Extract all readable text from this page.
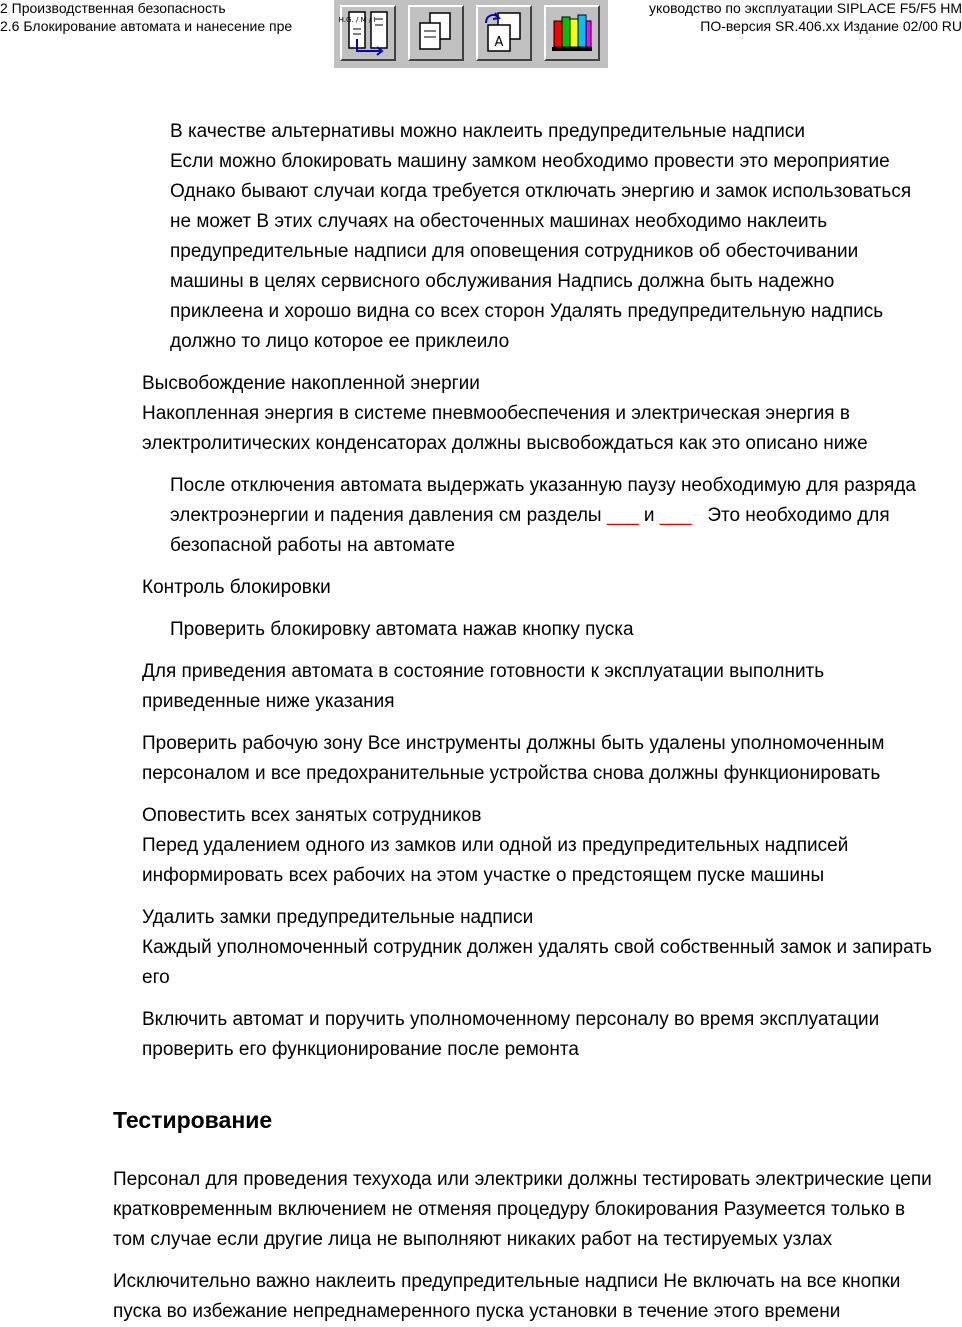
2 Производственная безопасность
2.6 Блокирование автомата и нанесение пре
уководство по эксплуатации SIPLACE F5/F5 HM
ПО-версия SR.406.xx Издание 02/00 RU
H.G. / M / I
A
В качестве альтернативы можно наклеить предупредительные надписи
Если можно блокировать машину замком необходимо провести это мероприятие
Однако бывают случаи когда требуется отключать энергию и замок использоваться
не может В этих случаях на обесточенных машинах необходимо наклеить
предупредительные надписи для оповещения сотрудников об обесточивании
машины в целях сервисного обслуживания Надпись должна быть надежно
приклеена и хорошо видна со всех сторон Удалять предупредительную надпись
должно то лицо которое ее приклеило
Высвобождение накопленной энергии
Накопленная энергия в системе пневмообеспечения и электрическая энергия в
электролитических конденсаторах должны высвобождаться как это описано ниже
После отключения автомата выдержать указанную паузу необходимую для разряда
электроэнергии и падения давления см разделы ___ и ___ Это необходимо для
безопасной работы на автомате
Контроль блокировки
Проверить блокировку автомата нажав кнопку пуска
Для приведения автомата в состояние готовности к эксплуатации выполнить
приведенные ниже указания
Проверить рабочую зону Все инструменты должны быть удалены уполномоченным
персоналом и все предохранительные устройства снова должны функционировать
Оповестить всех занятых сотрудников
Перед удалением одного из замков или одной из предупредительных надписей
информировать всех рабочих на этом участке о предстоящем пуске машины
Удалить замки предупредительные надписи
Каждый уполномоченный сотрудник должен удалять свой собственный замок и запирать
его
Включить автомат и поручить уполномоченному персоналу во время эксплуатации
проверить его функционирование после ремонта
Тестирование
Персонал для проведения техухода или электрики должны тестировать электрические цепи
кратковременным включением не отменяя процедуру блокирования Разумеется только в
том случае если другие лица не выполняют никаких работ на тестируемых узлах
Исключительно важно наклеить предупредительные надписи Не включать на все кнопки
пуска во избежание непреднамеренного пуска установки в течение этого времени
